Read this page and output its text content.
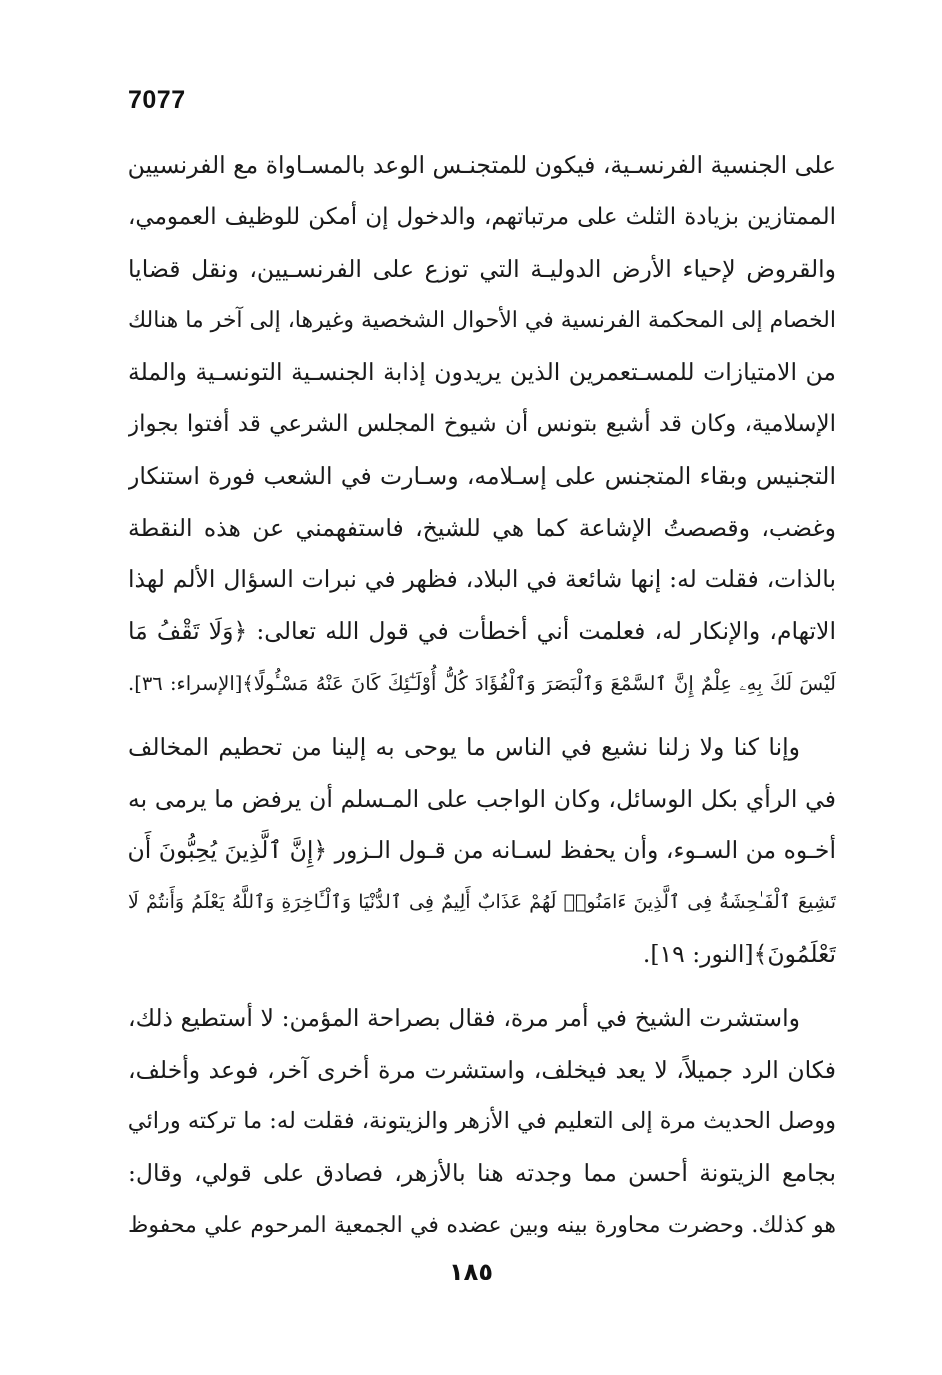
7077
على الجنسية الفرنسـية، فيكون للمتجنـس الوعد بالمسـاواة مع الفرنسيين
الممتازين بزيادة الثلث على مرتباتهم، والدخول إن أمكن للوظيف العمومي،
والقروض لإحياء الأرض الدوليـة التي توزع على الفرنسـيين، ونقل قضايا
الخصام إلى المحكمة الفرنسية في الأحوال الشخصية وغيرها، إلى آخر ما هنالك
من الامتيازات للمسـتعمرين الذين يريدون إذابة الجنسـية التونسـية والملة
الإسلامية، وكان قد أشيع بتونس أن شيوخ المجلس الشرعي قد أفتوا بجواز
التجنيس وبقاء المتجنس على إسـلامه، وسـارت في الشعب فورة استنكار
وغضب، وقصصتُ الإشاعة كما هي للشيخ، فاستفهمني عن هذه النقطة
بالذات، فقلت له: إنها شائعة في البلاد، فظهر في نبرات السؤال الألم لهذا
الاتهام، والإنكار له، فعلمت أني أخطأت في قول الله تعالى: ﴿وَلَا تَقْفُ مَا
لَيْسَ لَكَ بِهِۦ عِلْمٌ إِنَّ ٱلسَّمْعَ وَٱلْبَصَرَ وَٱلْفُؤَادَ كُلُّ أُوْلَـٰٓئِكَ كَانَ عَنْهُ مَسْـُٔولًا﴾[الإسراء: ٣٦].
وإنا كنا ولا زلنا نشيع في الناس ما يوحى به إلينا من تحطيم المخالف
في الرأي بكل الوسائل، وكان الواجب على المـسلم أن يرفض ما يرمى به
أخـوه من السـوء، وأن يحفظ لسـانه من قـول الـزور ﴿إِنَّ ٱلَّذِينَ يُحِبُّونَ أَن
تَشِيعَ ٱلْفَـٰحِشَةُ فِى ٱلَّذِينَ ءَامَنُوا۟ لَهُمْ عَذَابٌ أَلِيمٌ فِى ٱلدُّنْيَا وَٱلْـَٔاخِرَةِ وَٱللَّهُ يَعْلَمُ وَأَنتُمْ لَا
تَعْلَمُونَ﴾[النور: ١٩].
واستشرت الشيخ في أمر مرة، فقال بصراحة المؤمن: لا أستطيع ذلك،
فكان الرد جميلاً، لا يعد فيخلف، واستشرت مرة أخرى آخر، فوعد وأخلف،
ووصل الحديث مرة إلى التعليم في الأزهر والزيتونة، فقلت له: ما تركته ورائي
بجامع الزيتونة أحسن مما وجدته هنا بالأزهر، فصادق على قولي، وقال:
هو كذلك. وحضرت محاورة بينه وبين عضده في الجمعية المرحوم علي محفوظ
١٨٥
